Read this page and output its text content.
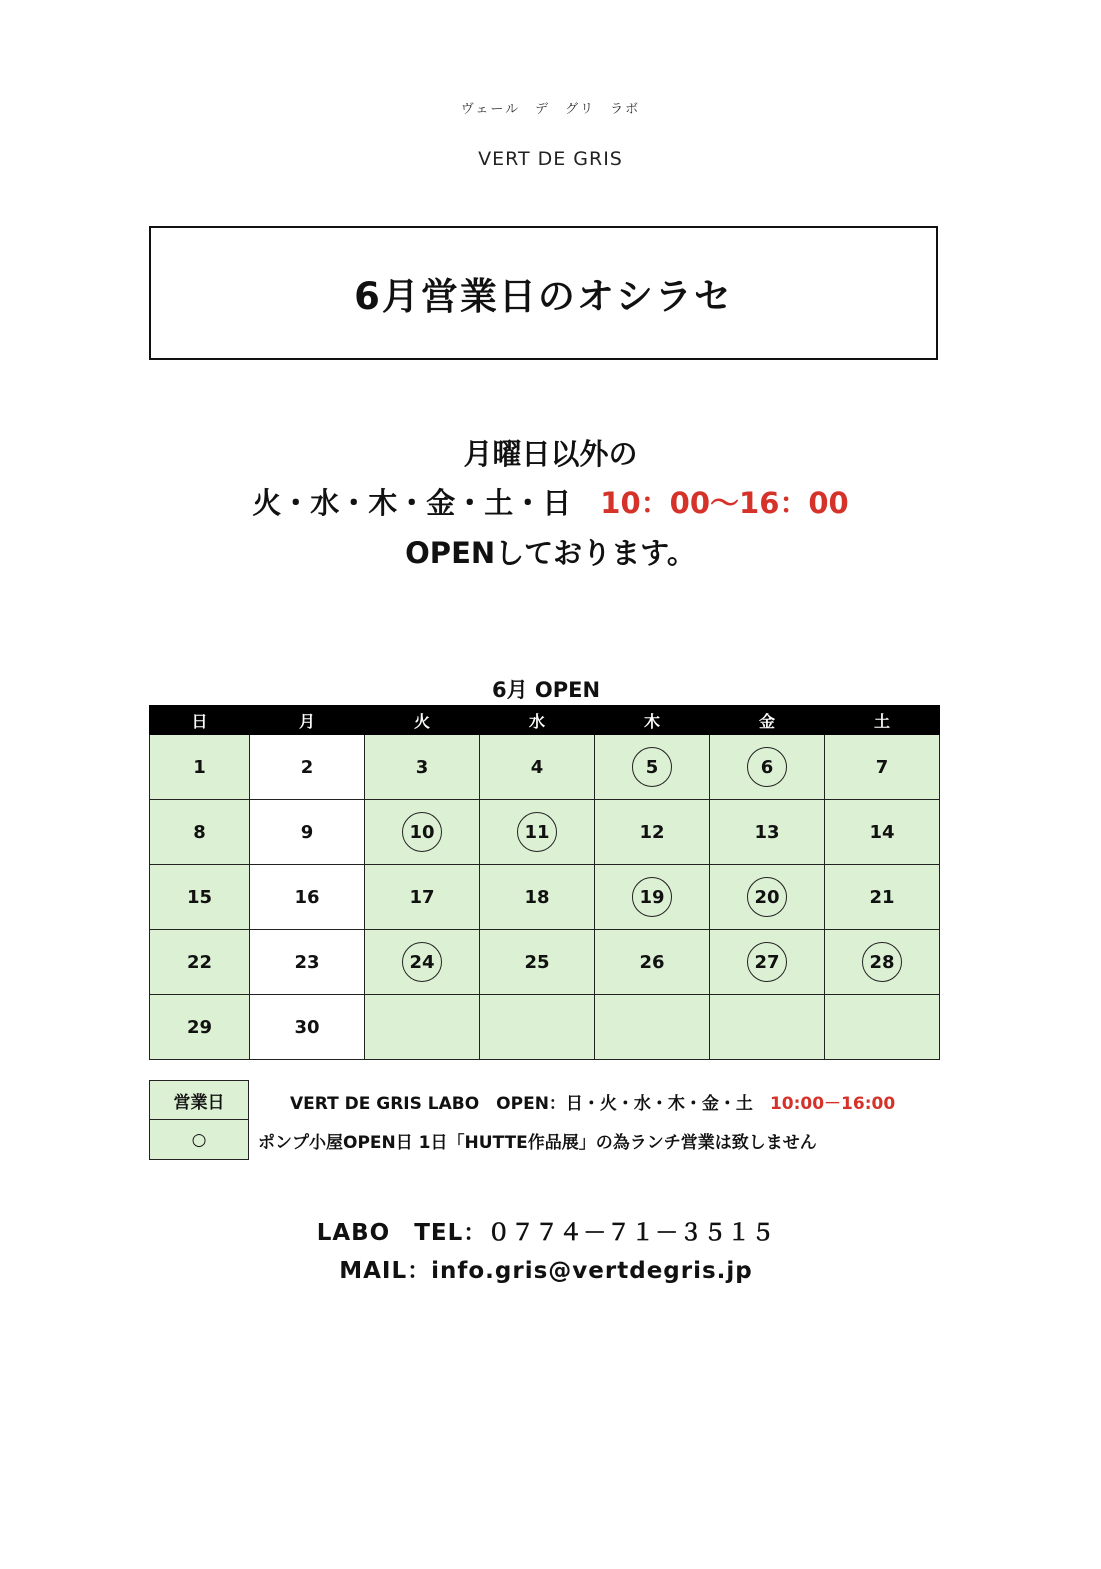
ヴェール　デ　グリ　ラボ
VERT DE GRIS
6月営業日のオシラセ
月曜日以外の
火・水・木・金・土・日　 10：00〜16：00
OPENしております。
6月 OPEN
日	月	火	水	木	金	土
1	2	3	4	5	6	7
8	9	10	11	12	13	14
15	16	17	18	19	20	21
22	23	24	25	26	27	28
29	30					
営業日
○
VERT DE GRIS LABO　OPEN：日・火・水・木・金・土　 10:00－16:00
ポンプ小屋OPEN日 1日「HUTTE作品展」の為ランチ営業は致しません
LABO　TEL：０７７４－７１－３５１５
MAIL：info.gris@vertdegris.jp
